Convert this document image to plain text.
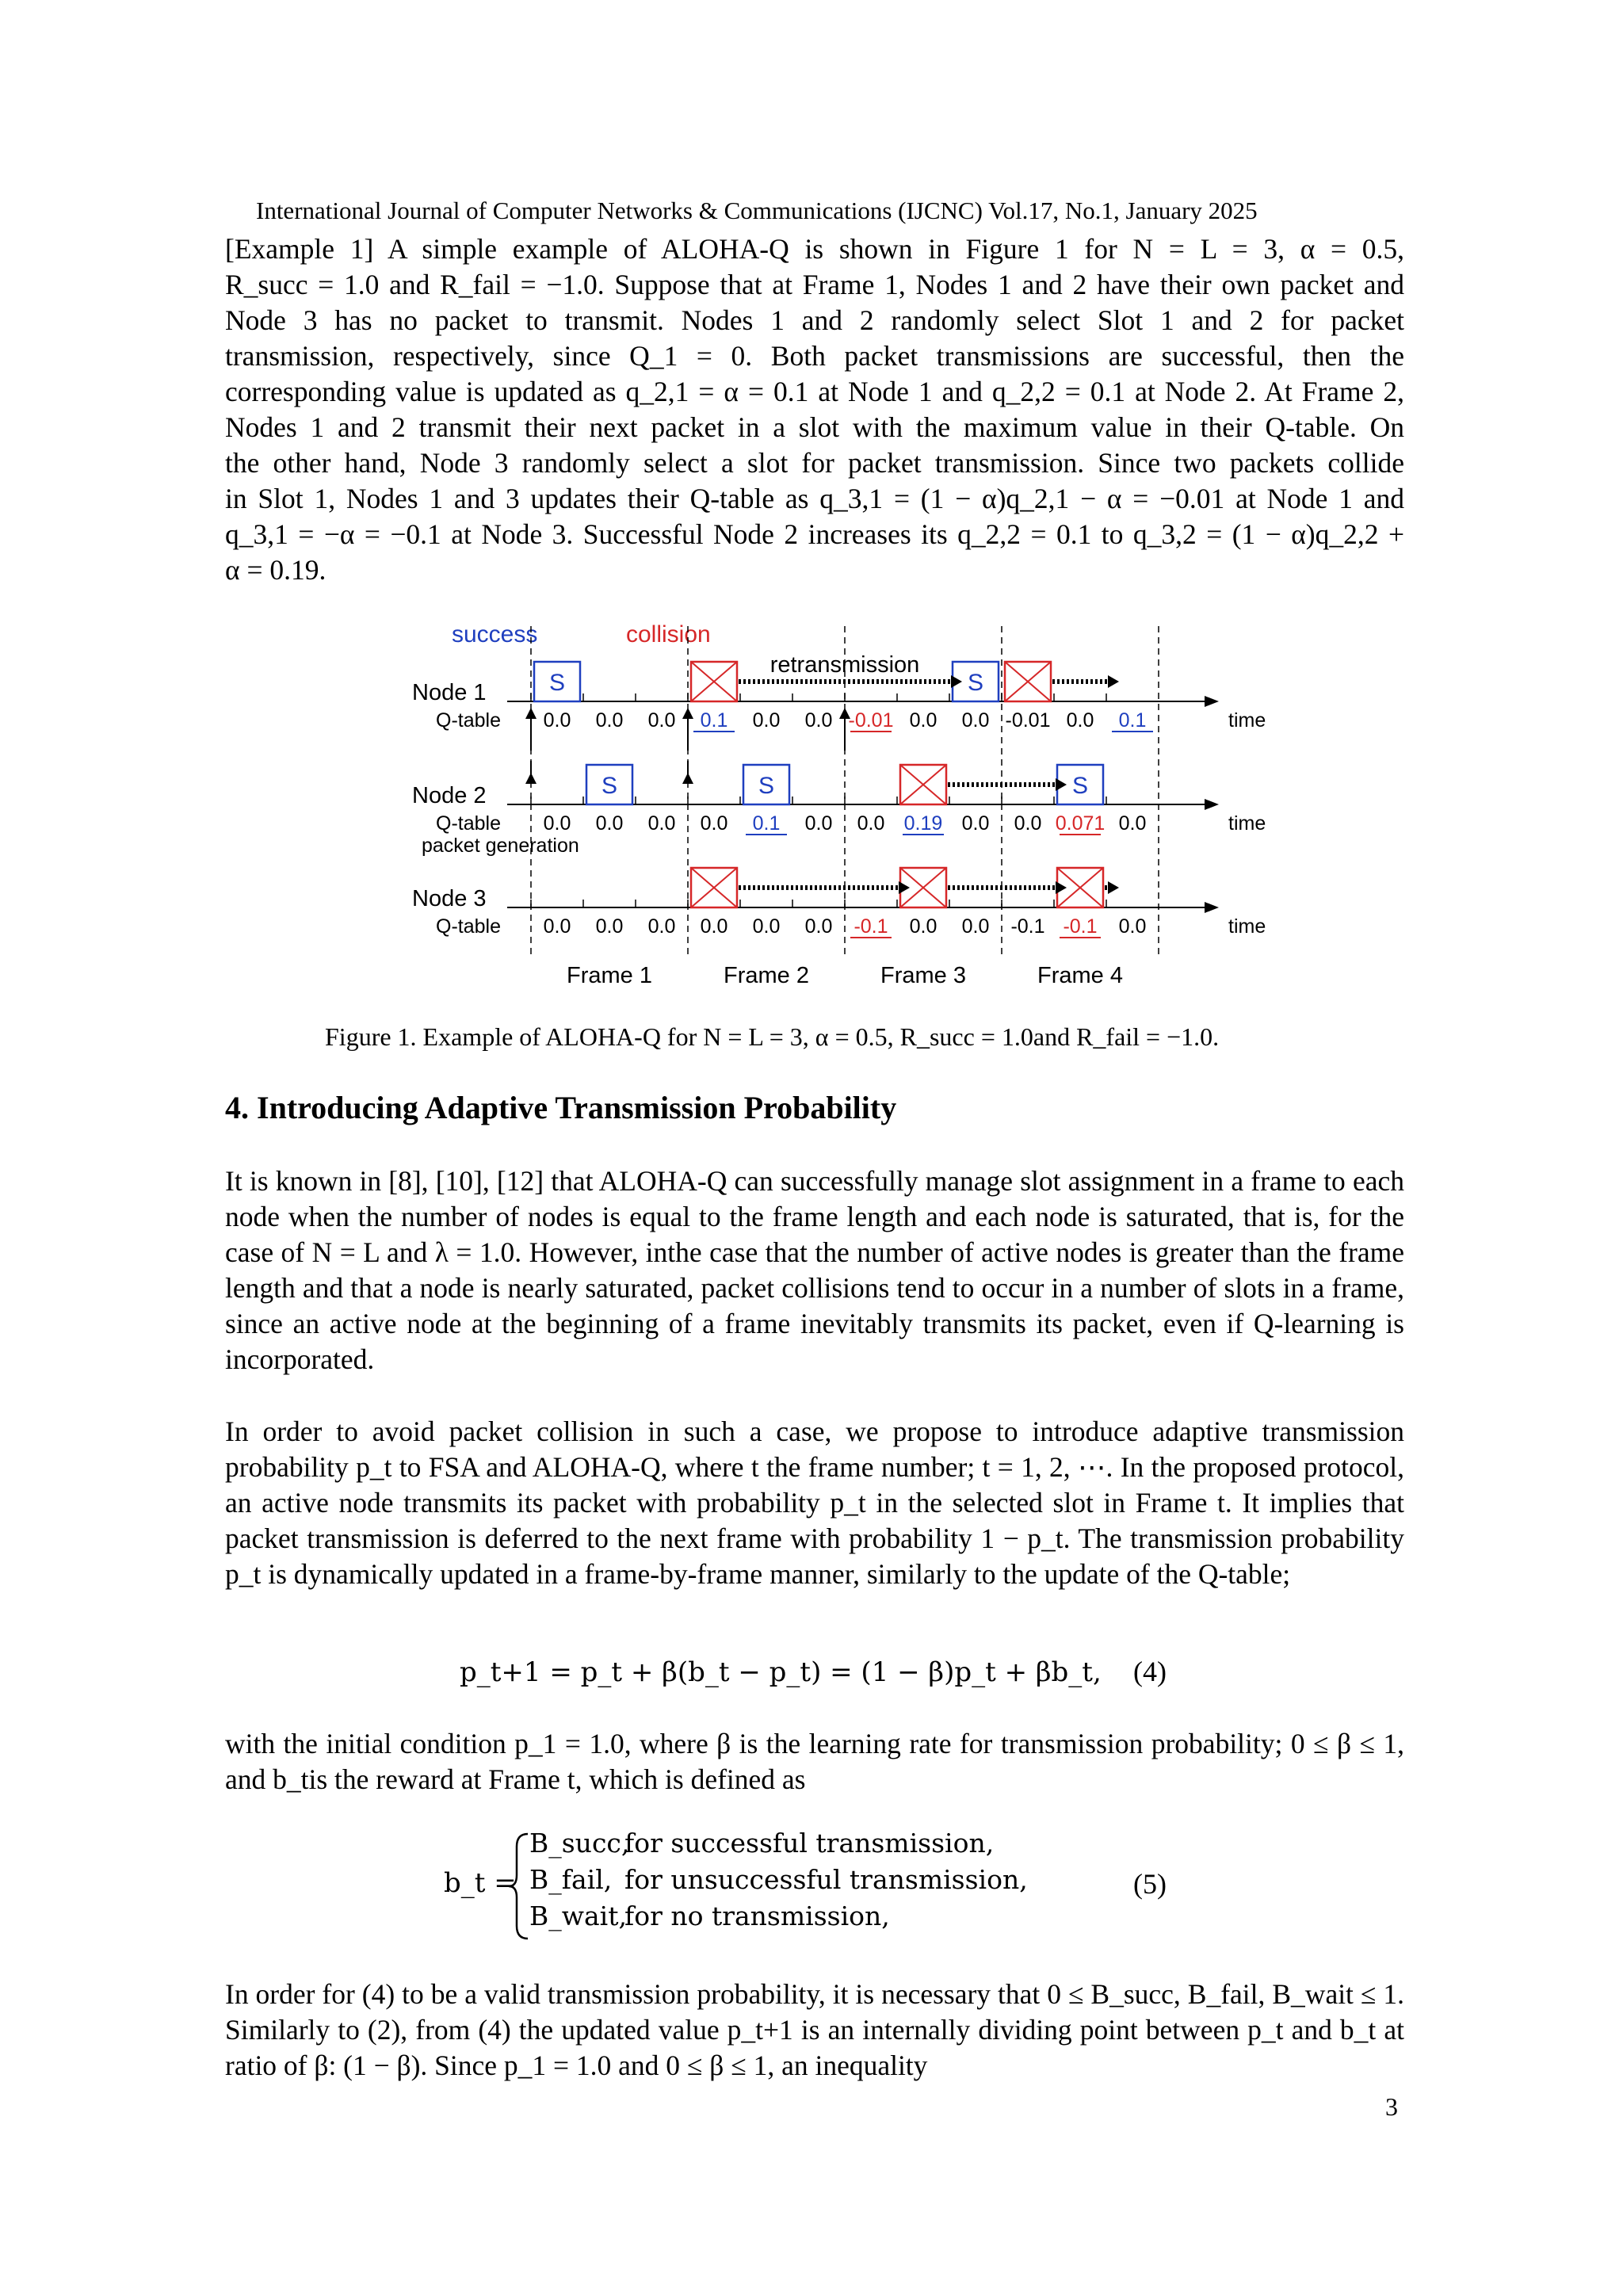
International Journal of Computer Networks & Communications (IJCNC) Vol.17, No.1, January 2025
[Example 1] A simple example of ALOHA-Q is shown in Figure 1 for N = L = 3, α = 0.5,
R_succ = 1.0 and R_fail = −1.0. Suppose that at Frame 1, Nodes 1 and 2 have their own packet and
Node 3 has no packet to transmit. Nodes 1 and 2 randomly select Slot 1 and 2 for packet
transmission, respectively, since Q_1 = 0. Both packet transmissions are successful, then the
corresponding value is updated as q_2,1 = α = 0.1 at Node 1 and q_2,2 = 0.1 at Node 2. At Frame 2,
Nodes 1 and 2 transmit their next packet in a slot with the maximum value in their Q-table. On
the other hand, Node 3 randomly select a slot for packet transmission. Since two packets collide
in Slot 1, Nodes 1 and 3 updates their Q-table as q_3,1 = (1 − α)q_2,1 − α = −0.01 at Node 1 and
q_3,1 = −α = −0.1 at Node 3. Successful Node 2 increases its q_2,2 = 0.1 to q_3,2 = (1 − α)q_2,2 +
α = 0.19.
success	collision
Node 1	S	S
retransmission
Q-table 0.0 0.0 0.0 0.1 0.0 0.0 -0.01 0.0 0.0 -0.01 0.0 0.1	time
Node 2	S	S	S
Q-table 0.0 0.0 0.0 0.0 0.1 0.0 0.0 0.19 0.0 0.0 0.071 0.0	time
Node 3
Q-table 0.0 0.0 0.0 0.0 0.0 0.0 -0.1 0.0 0.0 -0.1 -0.1 0.0	time
packet generation
Frame 1	Frame 2	Frame 3	Frame 4
Figure 1. Example of ALOHA-Q for N = L = 3, α = 0.5, R_succ = 1.0and R_fail = −1.0.
4. Introducing Adaptive Transmission Probability
It is known in [8], [10], [12] that ALOHA-Q can successfully manage slot assignment in a frame to each node when the number of nodes is equal to the frame length and each node is saturated, that is, for the case of N = L and λ = 1.0. However, inthe case that the number of active nodes is greater than the frame length and that a node is nearly saturated, packet collisions tend to occur in a number of slots in a frame, since an active node at the beginning of a frame inevitably transmits its packet, even if Q-learning is incorporated.
In order to avoid packet collision in such a case, we propose to introduce adaptive transmission probability p_t to FSA and ALOHA-Q, where t the frame number; t = 1, 2, ⋯. In the proposed protocol, an active node transmits its packet with probability p_t in the selected slot in Frame t. It implies that packet transmission is deferred to the next frame with probability 1 − p_t. The transmission probability p_t is dynamically updated in a frame-by-frame manner, similarly to the update of the Q-table;
p_t+1 = p_t + β(b_t − p_t) = (1 − β)p_t + βb_t, (4)
with the initial condition p_1 = 1.0, where β is the learning rate for transmission probability; 0 ≤ β ≤ 1, and b_tis the reward at Frame t, which is defined as
b_t =
B_succ,for successful transmission,
B_fail, for unsuccessful transmission,
B_wait,for no transmission,
(5)
In order for (4) to be a valid transmission probability, it is necessary that 0 ≤ B_succ, B_fail, B_wait ≤ 1. Similarly to (2), from (4) the updated value p_t+1 is an internally dividing point between p_t and b_t at ratio of β: (1 − β). Since p_1 = 1.0 and 0 ≤ β ≤ 1, an inequality
3
